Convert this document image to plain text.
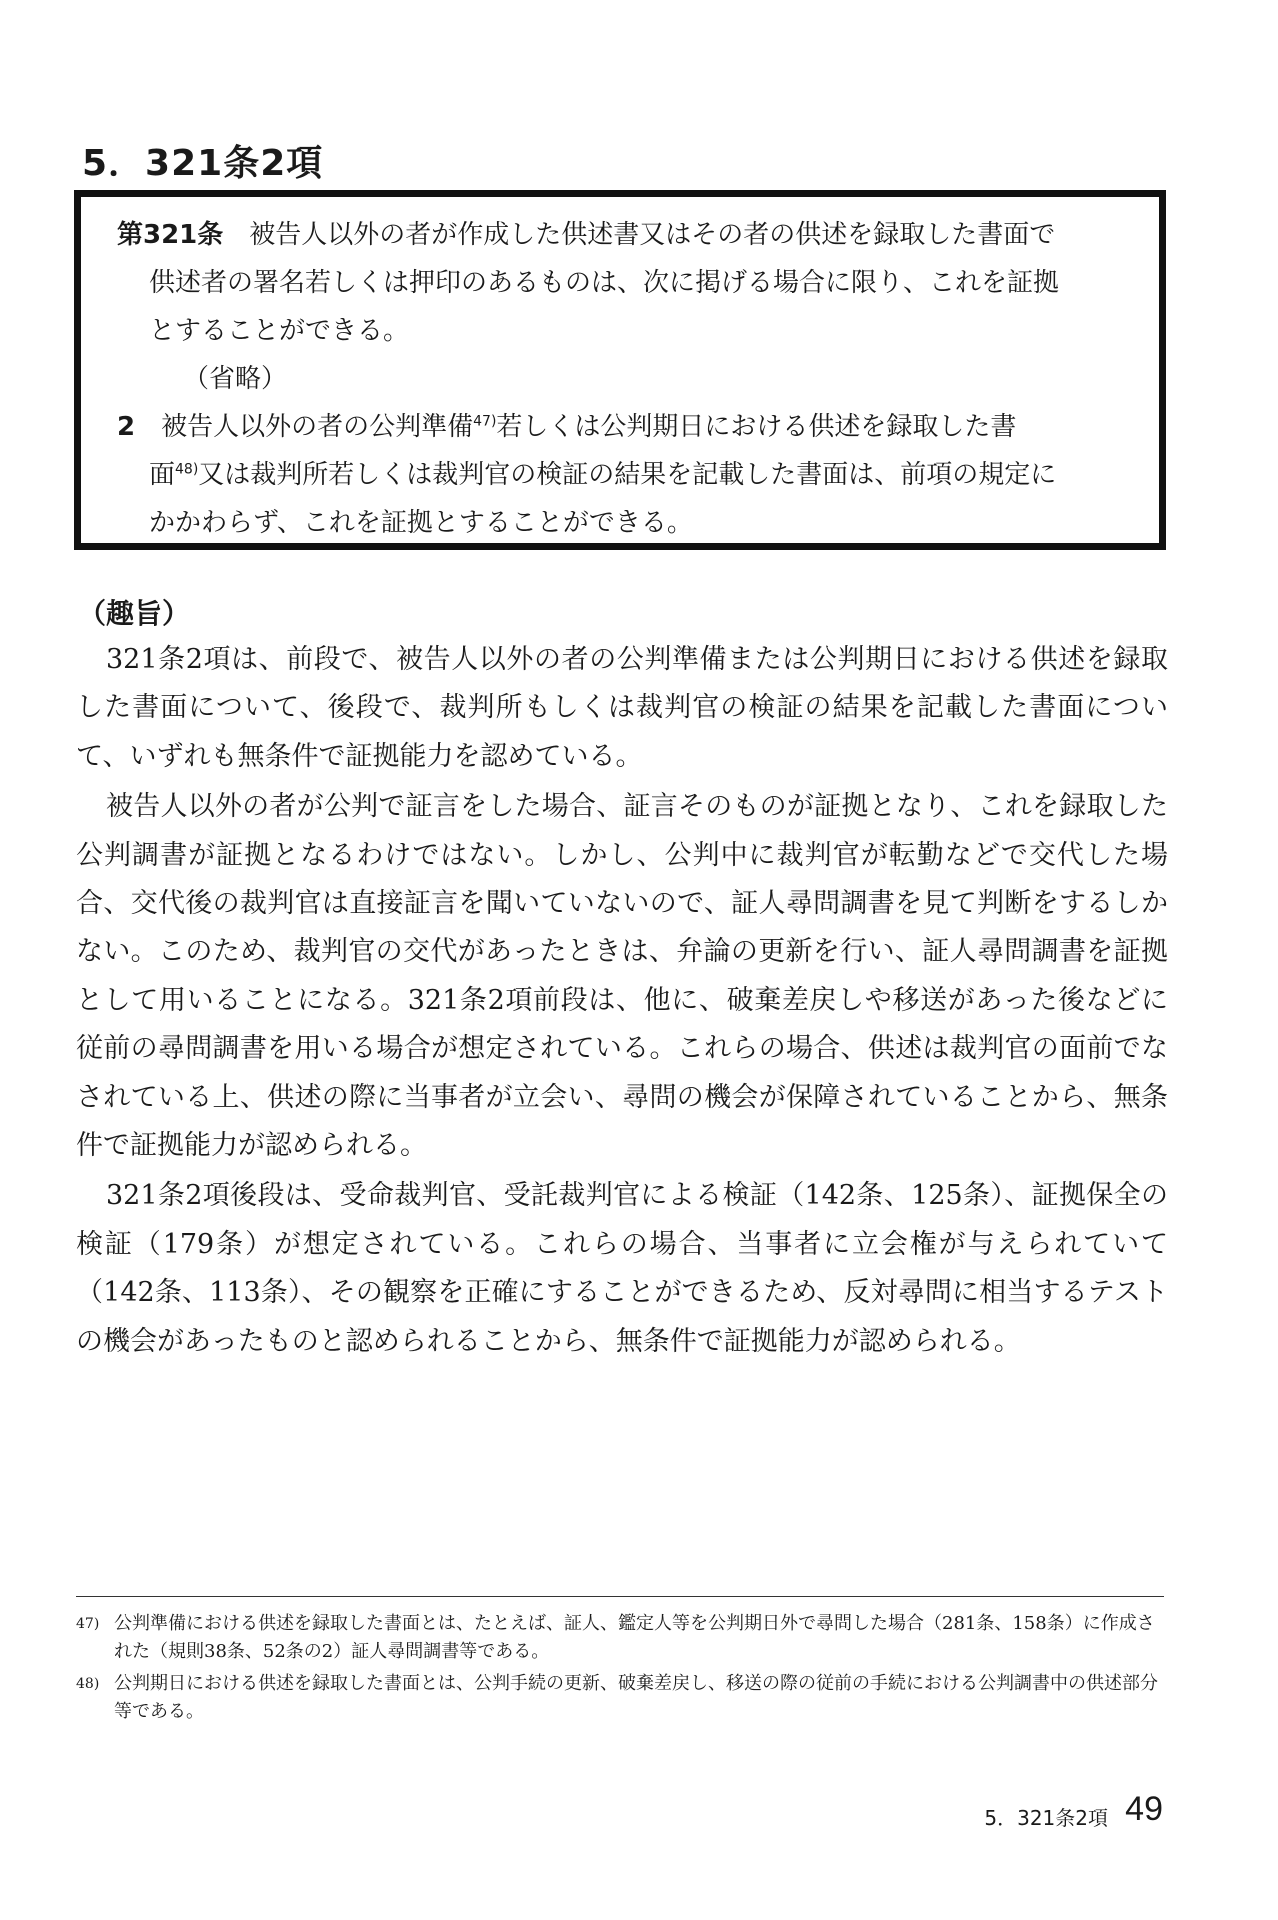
5．321条2項
第321条　 被告人以外の者が作成した供述書又はその者の供述を録取した書面で
供述者の署名若しくは押印のあるものは、次に掲げる場合に限り、これを証拠
とすることができる。
（省略）
2　 被告人以外の者の公判準備$^{47)}$若しくは公判期日における供述を録取した書
面$^{48)}$又は裁判所若しくは裁判官の検証の結果を記載した書面は、前項の規定に
かかわらず、これを証拠とすることができる。
（趣旨）

321条2項は、前段で、被告人以外の者の公判準備または公判期日における供述を録取した書面について、後段で、裁判所もしくは裁判官の検証の結果を記載した書面について、いずれも無条件で証拠能力を認めている。

被告人以外の者が公判で証言をした場合、証言そのものが証拠となり、これを録取した公判調書が証拠となるわけではない。しかし、公判中に裁判官が転勤などで交代した場合、交代後の裁判官は直接証言を聞いていないので、証人尋問調書を見て判断をするしかない。このため、裁判官の交代があったときは、弁論の更新を行い、証人尋問調書を証拠として用いることになる。321条2項前段は、他に、破棄差戻しや移送があった後などに従前の尋問調書を用いる場合が想定されている。これらの場合、供述は裁判官の面前でなされている上、供述の際に当事者が立会い、尋問の機会が保障されていることから、無条件で証拠能力が認められる。

321条2項後段は、受命裁判官、受託裁判官による検証（142条、125条）、証拠保全の検証（179条）が想定されている。これらの場合、当事者に立会権が与えられていて（142条、113条）、その観察を正確にすることができるため、反対尋問に相当するテストの機会があったものと認められることから、無条件で証拠能力が認められる。

47) 公判準備における供述を録取した書面とは、たとえば、証人、鑑定人等を公判期日外で尋問した場合（281条、158条）に作成された（規則38条、52条の2）証人尋問調書等である。
48) 公判期日における供述を録取した書面とは、公判手続の更新、破棄差戻し、移送の際の従前の手続における公判調書中の供述部分等である。
5．321条2項 49
